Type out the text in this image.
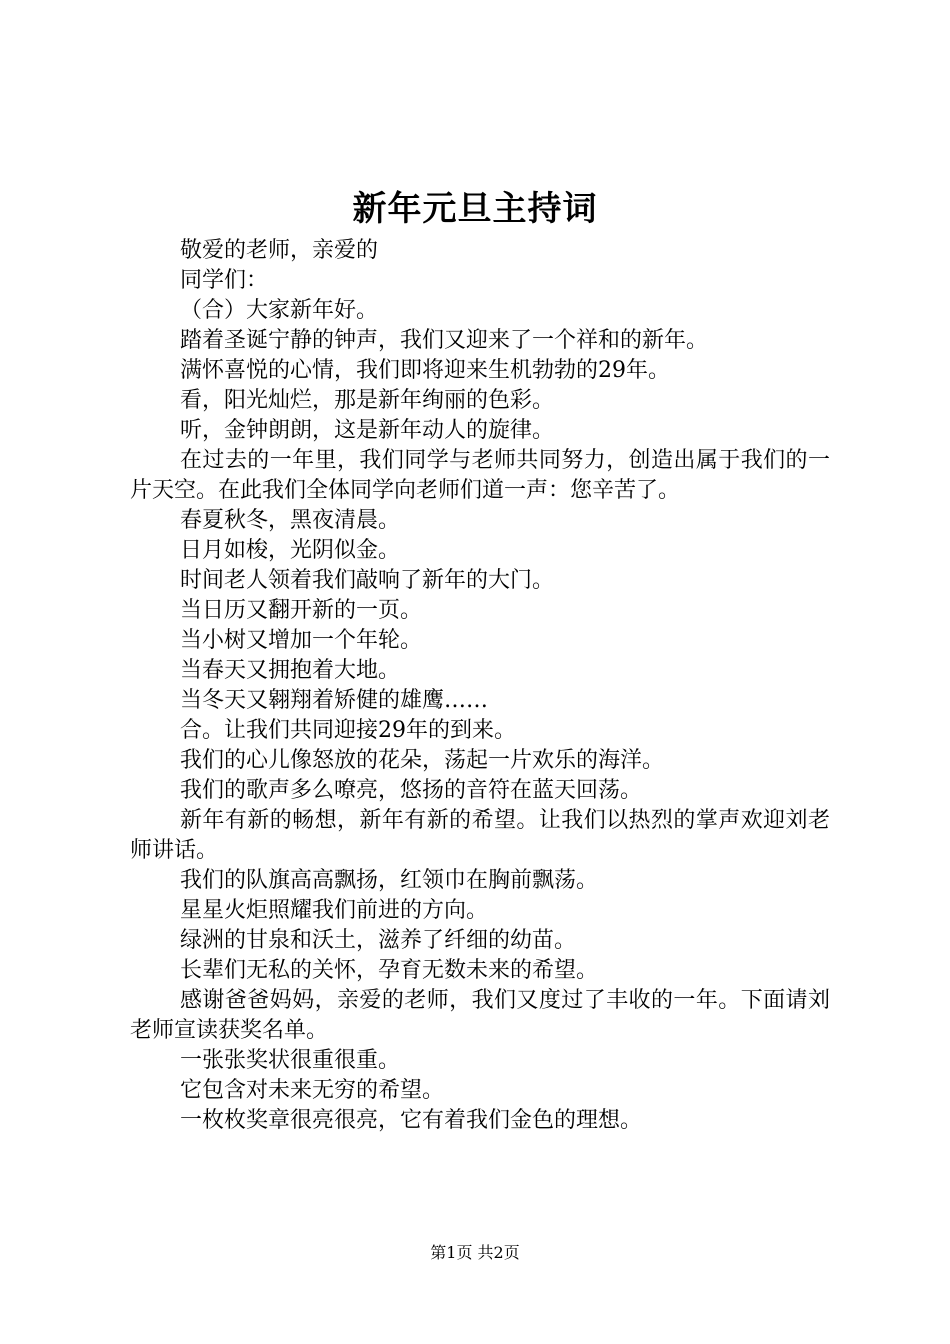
新年元旦主持词

敬爱的老师，亲爱的

同学们：

（合）大家新年好。

踏着圣诞宁静的钟声，我们又迎来了一个祥和的新年。

满怀喜悦的心情，我们即将迎来生机勃勃的29年。

看，阳光灿烂，那是新年绚丽的色彩。

听，金钟朗朗，这是新年动人的旋律。

在过去的一年里，我们同学与老师共同努力，创造出属于我们的一片天空。在此我们全体同学向老师们道一声：您辛苦了。

春夏秋冬，黑夜清晨。

日月如梭，光阴似金。

时间老人领着我们敲响了新年的大门。

当日历又翻开新的一页。

当小树又增加一个年轮。

当春天又拥抱着大地。

当冬天又翱翔着矫健的雄鹰……

合。让我们共同迎接29年的到来。

我们的心儿像怒放的花朵，荡起一片欢乐的海洋。

我们的歌声多么嘹亮，悠扬的音符在蓝天回荡。

新年有新的畅想，新年有新的希望。让我们以热烈的掌声欢迎刘老师讲话。

我们的队旗高高飘扬，红领巾在胸前飘荡。

星星火炬照耀我们前进的方向。

绿洲的甘泉和沃土，滋养了纤细的幼苗。

长辈们无私的关怀，孕育无数未来的希望。

感谢爸爸妈妈，亲爱的老师，我们又度过了丰收的一年。下面请刘老师宣读获奖名单。

一张张奖状很重很重。

它包含对未来无穷的希望。

一枚枚奖章很亮很亮，它有着我们金色的理想。

第1页 共2页
